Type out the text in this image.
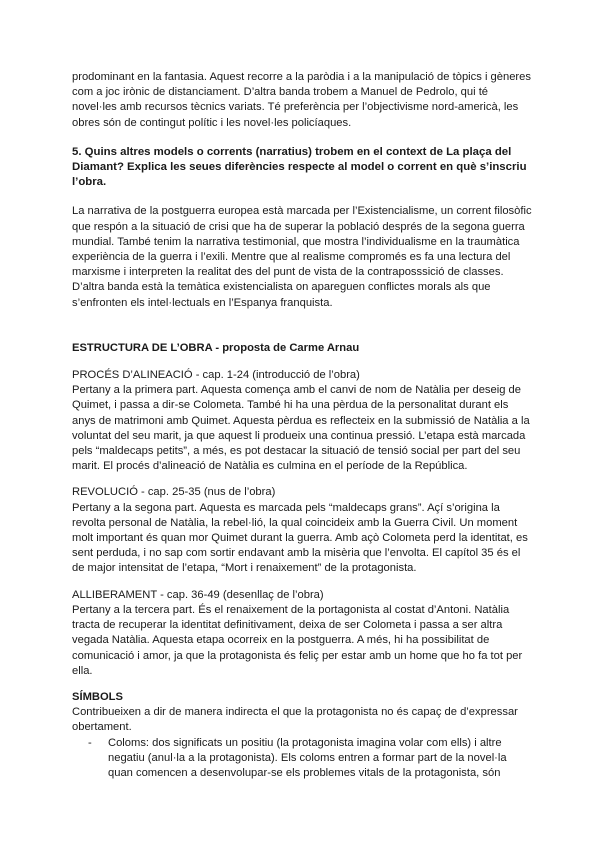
prodominant en la fantasia. Aquest recorre a la paròdia i a la manipulació de tòpics i gèneres com a joc irònic de distanciament. D’altra banda trobem a Manuel de Pedrolo, qui té novel·les amb recursos tècnics variats. Té preferència per l’objectivisme nord-americà, les obres són de contingut polític i les novel·les policíaques.

5. Quins altres models o corrents (narratius) trobem en el context de La plaça del Diamant? Explica les seues diferències respecte al model o corrent en què s’inscriu l’obra.

La narrativa de la postguerra europea està marcada per l’Existencialisme, un corrent filosòfic que respón a la situació de crisi que ha de superar la població després de la segona guerra mundial. També tenim la narrativa testimonial, que mostra l’individualisme en la traumàtica experiència de la guerra i l’exili. Mentre que al realisme compromés es fa una lectura del marxisme i interpreten la realitat des del punt de vista de la contraposssició de classes. D’altra banda està la temàtica existencialista on apareguen conflictes morals als que s’enfronten els intel·lectuals en l’Espanya franquista.

ESTRUCTURA DE L’OBRA - proposta de Carme Arnau

PROCÉS D’ALINEACIÓ - cap. 1-24 (introducció de l’obra)

Pertany a la primera part. Aquesta comença amb el canvi de nom de Natàlia per deseig de Quimet, i passa a dir-se Colometa. També hi ha una pèrdua de la personalitat durant els anys de matrimoni amb Quimet. Aquesta pèrdua es reflecteix en la submissió de Natàlia a la voluntat del seu marit, ja que aquest li produeix una continua pressió. L’etapa està marcada pels “maldecaps petits”, a més, es pot destacar la situació de tensió social per part del seu marit. El procés d’alineació de Natàlia es culmina en el període de la República.

REVOLUCIÓ - cap. 25-35 (nus de l’obra)

Pertany a la segona part. Aquesta es marcada pels “maldecaps grans”. Açí s’origina la revolta personal de Natàlia, la rebel·lió, la qual coincideix amb la Guerra Civil. Un moment molt important és quan mor Quimet durant la guerra. Amb açò Colometa perd la identitat, es sent perduda, i no sap com sortir endavant amb la misèria que l’envolta. El capítol 35 és el de major intensitat de l’etapa, “Mort i renaixement” de la protagonista.

ALLIBERAMENT - cap. 36-49 (desenllaç de l’obra)

Pertany a la tercera part. És el renaixement de la portagonista al costat d’Antoni. Natàlia tracta de recuperar la identitat definitivament, deixa de ser Colometa i passa a ser altra vegada Natàlia. Aquesta etapa ocorreix en la postguerra. A més, hi ha possibilitat de comunicació i amor, ja que la protagonista és feliç per estar amb un home que ho fa tot per ella.

SÍMBOLS

Contribueixen a dir de manera indirecta el que la protagonista no és capaç de d’expressar obertament.

-	Coloms: dos significats un positiu (la protagonista imagina volar com ells) i altre negatiu (anul·la a la protagonista). Els coloms entren a formar part de la novel·la quan comencen a desenvolupar-se els problemes vitals de la protagonista, són
